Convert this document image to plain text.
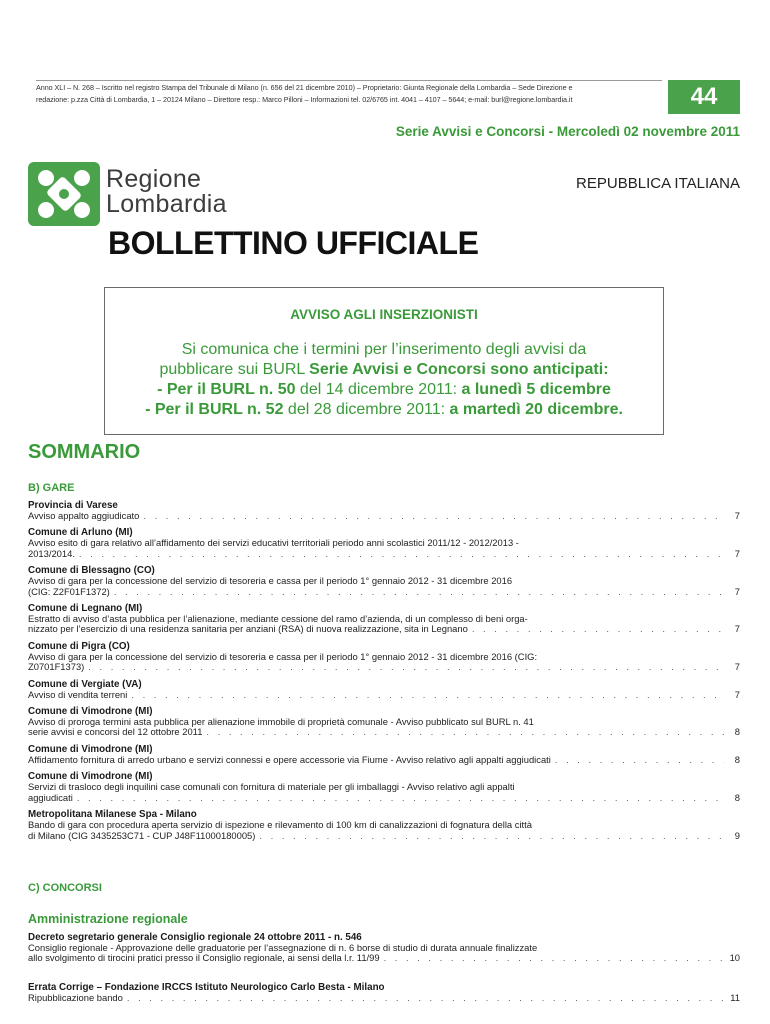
Anno XLI – N. 268 – Iscritto nel registro Stampa del Tribunale di Milano (n. 656 del 21 dicembre 2010) – Proprietario: Giunta Regionale della Lombardia – Sede Direzione e
redazione: p.zza Città di Lombardia, 1 – 20124 Milano – Direttore resp.: Marco Pilloni – Informazioni tel. 02/6765 int. 4041 – 4107 – 5644; e-mail: burl@regione.lombardia.it	44
Serie Avvisi e Concorsi - Mercoledì 02 novembre 2011
Regione
Lombardia
REPUBBLICA ITALIANA
BOLLETTINO UFFICIALE
AVVISO AGLI INSERZIONISTI
Si comunica che i termini per l’inserimento degli avvisi da
pubblicare sui BURL Serie Avvisi e Concorsi sono anticipati:
- Per il BURL n. 50 del 14 dicembre 2011: a lunedì 5 dicembre
- Per il BURL n. 52 del 28 dicembre 2011: a martedì 20 dicembre.
SOMMARIO
B) GARE
Provincia di Varese
Avviso appalto aggiudicato . . .	7
Comune di Arluno (MI)
Avviso esito di gara relativo all’affidamento dei servizi educativi territoriali periodo anni scolastici 2011/12 - 2012/2013 -
2013/2014. . . .	7
Comune di Blessagno (CO)
Avviso di gara per la concessione del servizio di tesoreria e cassa per il periodo 1° gennaio 2012 - 31 dicembre 2016
(CIG: Z2F01F1372) . . .	7
Comune di Legnano (MI)
Estratto di avviso d’asta pubblica per l’alienazione, mediante cessione del ramo d’azienda, di un complesso di beni orga-
nizzato per l’esercizio di una residenza sanitaria per anziani (RSA) di nuova realizzazione, sita in Legnano . . .	7
Comune di Pigra (CO)
Avviso di gara per la concessione del servizio di tesoreria e cassa per il periodo 1° gennaio 2012 - 31 dicembre 2016 (CIG:
Z0701F1373) . . .	7
Comune di Vergiate (VA)
Avviso di vendita terreni . . .	7
Comune di Vimodrone (MI)
Avviso di proroga termini asta pubblica per alienazione immobile di proprietà comunale - Avviso pubblicato sul BURL n. 41
serie avvisi e concorsi del 12 ottobre 2011 . . .	8
Comune di Vimodrone (MI)
Affidamento fornitura di arredo urbano e servizi connessi e opere accessorie via Fiume - Avviso relativo agli appalti aggiudicati . . .	8
Comune di Vimodrone (MI)
Servizi di trasloco degli inquilini case comunali con fornitura di materiale per gli imballaggi - Avviso relativo agli appalti
aggiudicati . . .	8
Metropolitana Milanese Spa - Milano
Bando di gara con procedura aperta servizio di ispezione e rilevamento di 100 km di canalizzazioni di fognatura della città
di Milano (CIG 3435253C71 - CUP J48F11000180005) . . .	9
C) CONCORSI
Amministrazione regionale
Decreto segretario generale Consiglio regionale 24 ottobre 2011 - n. 546
Consiglio regionale - Approvazione delle graduatorie per l’assegnazione di n. 6 borse di studio di durata annuale finalizzate
allo svolgimento di tirocini pratici presso il Consiglio regionale, ai sensi della l.r. 11/99 . . .	10
Errata Corrige – Fondazione IRCCS Istituto Neurologico Carlo Besta - Milano
Ripubblicazione bando . . .	11
